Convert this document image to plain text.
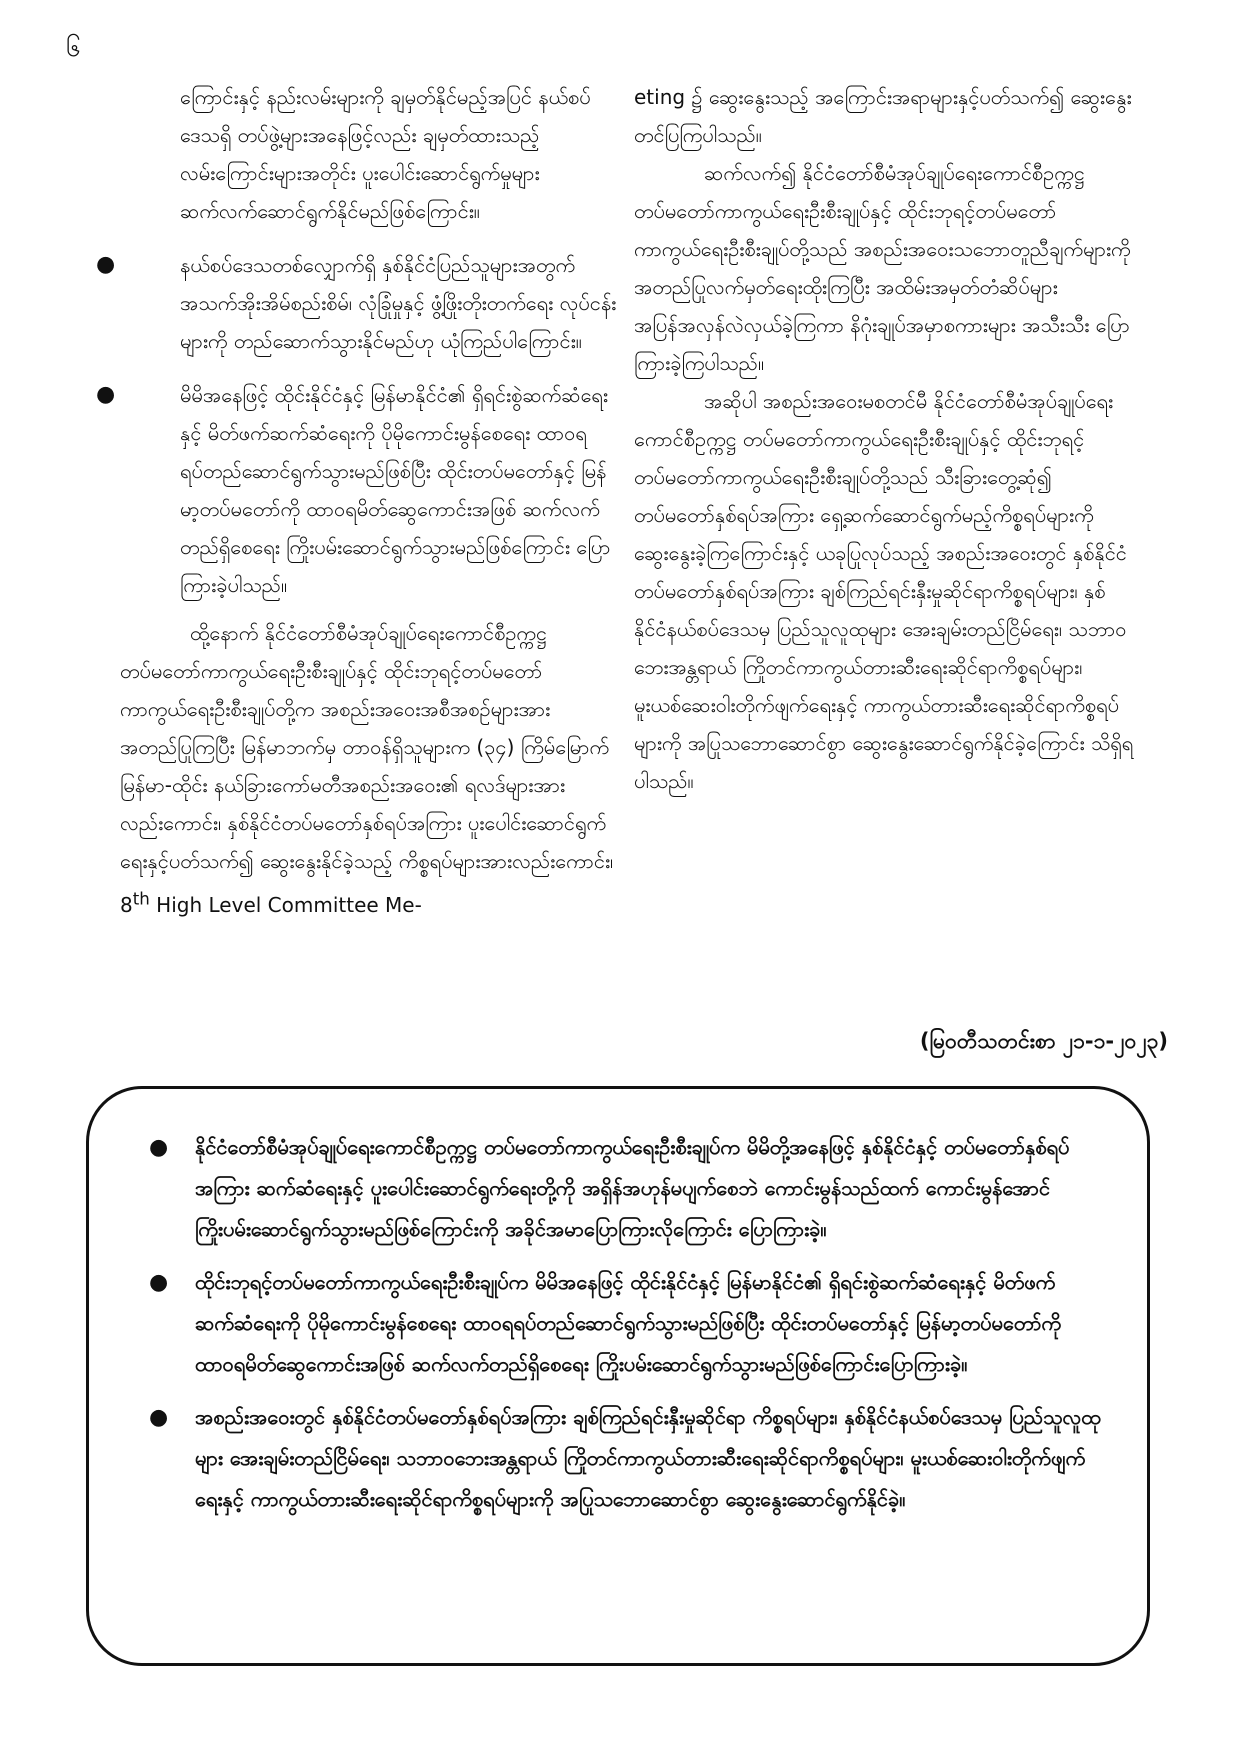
၆

ကြောင်းနှင့် နည်းလမ်းများကို ချမှတ်နိုင်မည့်အပြင် နယ်စပ်ဒေသရှိ တပ်ဖွဲ့များအနေဖြင့်လည်း ချမှတ်ထားသည့် လမ်းကြောင်းများအတိုင်း ပူးပေါင်းဆောင်ရွက်မှုများ ဆက်လက်ဆောင်ရွက်နိုင်မည်ဖြစ်ကြောင်း။

●	နယ်စပ်ဒေသတစ်လျှောက်ရှိ နှစ်နိုင်ငံပြည်သူများအတွက် အသက်အိုးအိမ်စည်းစိမ်၊ လုံခြုံမှုနှင့် ဖွံ့ဖြိုးတိုးတက်ရေး လုပ်ငန်းများကို တည်ဆောက်သွားနိုင်မည်ဟု ယုံကြည်ပါကြောင်း။
●	မိမိအနေဖြင့် ထိုင်းနိုင်ငံနှင့် မြန်မာနိုင်ငံ၏ ရှိရင်းစွဲဆက်ဆံရေးနှင့် မိတ်ဖက်ဆက်ဆံရေးကို ပိုမိုကောင်းမွန်စေရေး ထာဝရရပ်တည်ဆောင်ရွက်သွားမည်ဖြစ်ပြီး ထိုင်းတပ်မတော်နှင့် မြန်မာ့တပ်မတော်ကို ထာဝရမိတ်ဆွေကောင်းအဖြစ် ဆက်လက်တည်ရှိစေရေး ကြိုးပမ်းဆောင်ရွက်သွားမည်ဖြစ်ကြောင်း ပြောကြားခဲ့ပါသည်။

ထို့နောက် နိုင်ငံတော်စီမံအုပ်ချုပ်ရေးကောင်စီဥက္ကဋ္ဌ တပ်မတော်ကာကွယ်ရေးဦးစီးချုပ်နှင့် ထိုင်းဘုရင့်တပ်မတော် ကာကွယ်ရေးဦးစီးချုပ်တို့က အစည်းအဝေးအစီအစဉ်များအား အတည်ပြုကြပြီး မြန်မာဘက်မှ တာဝန်ရှိသူများက (၃၄) ကြိမ်မြောက် မြန်မာ-ထိုင်း နယ်ခြားကော်မတီအစည်းအဝေး၏ ရလဒ်များအားလည်းကောင်း၊ နှစ်နိုင်ငံတပ်မတော်နှစ်ရပ်အကြား ပူးပေါင်းဆောင်ရွက်ရေးနှင့်ပတ်သက်၍ ဆွေးနွေးနိုင်ခဲ့သည့် ကိစ္စရပ်များအားလည်းကောင်း၊ 8th High Level Committee Me-

eting ၌ ဆွေးနွေးသည့် အကြောင်းအရာများနှင့်ပတ်သက်၍ ဆွေးနွေးတင်ပြကြပါသည်။

ဆက်လက်၍ နိုင်ငံတော်စီမံအုပ်ချုပ်ရေးကောင်စီဥက္ကဋ္ဌ တပ်မတော်ကာကွယ်ရေးဦးစီးချုပ်နှင့် ထိုင်းဘုရင့်တပ်မတော်ကာကွယ်ရေးဦးစီးချုပ်တို့သည် အစည်းအဝေးသဘောတူညီချက်များကို အတည်ပြုလက်မှတ်ရေးထိုးကြပြီး အထိမ်းအမှတ်တံဆိပ်များ အပြန်အလှန်လဲလှယ်ခဲ့ကြကာ နိဂုံးချုပ်အမှာစကားများ အသီးသီး ပြောကြားခဲ့ကြပါသည်။

အဆိုပါ အစည်းအဝေးမစတင်မီ နိုင်ငံတော်စီမံအုပ်ချုပ်ရေးကောင်စီဥက္ကဋ္ဌ တပ်မတော်ကာကွယ်ရေးဦးစီးချုပ်နှင့် ထိုင်းဘုရင့်တပ်မတော်ကာကွယ်ရေးဦးစီးချုပ်တို့သည် သီးခြားတွေ့ဆုံ၍ တပ်မတော်နှစ်ရပ်အကြား ရှေ့ဆက်ဆောင်ရွက်မည့်ကိစ္စရပ်များကို ဆွေးနွေးခဲ့ကြကြောင်းနှင့် ယခုပြုလုပ်သည့် အစည်းအဝေးတွင် နှစ်နိုင်ငံတပ်မတော်နှစ်ရပ်အကြား ချစ်ကြည်ရင်းနှီးမှုဆိုင်ရာကိစ္စရပ်များ၊ နှစ်နိုင်ငံနယ်စပ်ဒေသမှ ပြည်သူလူထုများ အေးချမ်းတည်ငြိမ်ရေး၊ သဘာဝဘေးအန္တရာယ် ကြိုတင်ကာကွယ်တားဆီးရေးဆိုင်ရာကိစ္စရပ်များ၊ မူးယစ်ဆေးဝါးတိုက်ဖျက်ရေးနှင့် ကာကွယ်တားဆီးရေးဆိုင်ရာကိစ္စရပ်များကို အပြုသဘောဆောင်စွာ ဆွေးနွေးဆောင်ရွက်နိုင်ခဲ့ကြောင်း သိရှိရပါသည်။

(မြဝတီသတင်းစာ ၂၁-၁-၂၀၂၃)
● နိုင်ငံတော်စီမံအုပ်ချုပ်ရေးကောင်စီဥက္ကဋ္ဌ တပ်မတော်ကာကွယ်ရေးဦးစီးချုပ်က မိမိတို့အနေဖြင့် နှစ်နိုင်ငံနှင့် တပ်မတော်နှစ်ရပ်အကြား ဆက်ဆံရေးနှင့် ပူးပေါင်းဆောင်ရွက်ရေးတို့ကို အရှိန်အဟုန်မပျက်စေဘဲ ကောင်းမွန်သည်ထက် ကောင်းမွန်အောင် ကြိုးပမ်းဆောင်ရွက်သွားမည်ဖြစ်ကြောင်းကို အခိုင်အမာပြောကြားလိုကြောင်း ပြောကြားခဲ့။
● ထိုင်းဘုရင့်တပ်မတော်ကာကွယ်ရေးဦးစီးချုပ်က မိမိအနေဖြင့် ထိုင်းနိုင်ငံနှင့် မြန်မာနိုင်ငံ၏ ရှိရင်းစွဲဆက်ဆံရေးနှင့် မိတ်ဖက်ဆက်ဆံရေးကို ပိုမိုကောင်းမွန်စေရေး ထာဝရရပ်တည်ဆောင်ရွက်သွားမည်ဖြစ်ပြီး ထိုင်းတပ်မတော်နှင့် မြန်မာ့တပ်မတော်ကို ထာဝရမိတ်ဆွေကောင်းအဖြစ် ဆက်လက်တည်ရှိစေရေး ကြိုးပမ်းဆောင်ရွက်သွားမည်ဖြစ်ကြောင်းပြောကြားခဲ့။
● အစည်းအဝေးတွင် နှစ်နိုင်ငံတပ်မတော်နှစ်ရပ်အကြား ချစ်ကြည်ရင်းနှီးမှုဆိုင်ရာ ကိစ္စရပ်များ၊ နှစ်နိုင်ငံနယ်စပ်ဒေသမှ ပြည်သူလူထုများ အေးချမ်းတည်ငြိမ်ရေး၊ သဘာဝဘေးအန္တရာယ် ကြိုတင်ကာကွယ်တားဆီးရေးဆိုင်ရာကိစ္စရပ်များ၊ မူးယစ်ဆေးဝါးတိုက်ဖျက်ရေးနှင့် ကာကွယ်တားဆီးရေးဆိုင်ရာကိစ္စရပ်များကို အပြုသဘောဆောင်စွာ ဆွေးနွေးဆောင်ရွက်နိုင်ခဲ့။
